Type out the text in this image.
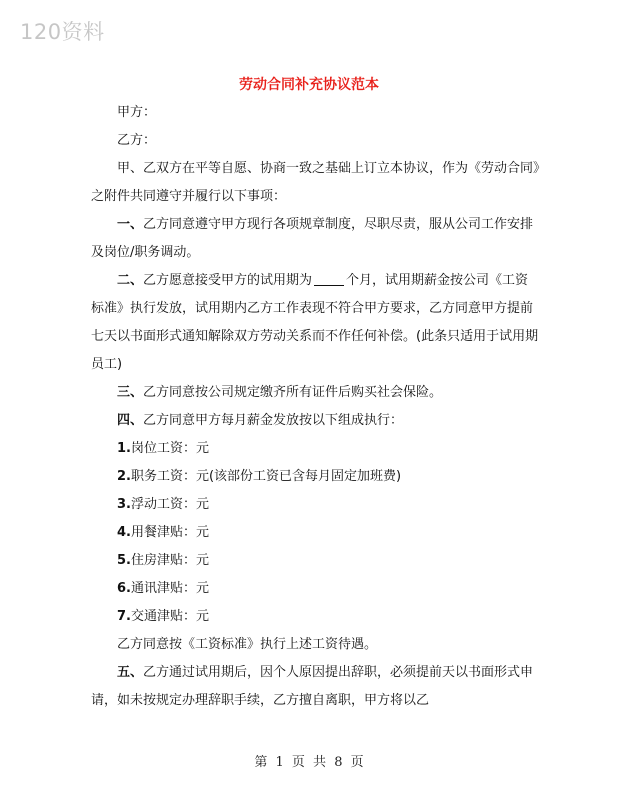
120资料
劳动合同补充协议范本

甲方：

乙方：

甲、乙双方在平等自愿、协商一致之基础上订立本协议，作为《劳动合同》之附件共同遵守并履行以下事项：

一、乙方同意遵守甲方现行各项规章制度，尽职尽责，服从公司工作安排及岗位/职务调动。

二、乙方愿意接受甲方的试用期为	个月，试用期薪金按公司《工资标准》执行发放，试用期内乙方工作表现不符合甲方要求，乙方同意甲方提前七天以书面形式通知解除双方劳动关系而不作任何补偿。(此条只适用于试用期员工)

三、乙方同意按公司规定缴齐所有证件后购买社会保险。

四、乙方同意甲方每月薪金发放按以下组成执行：

1.岗位工资：元

2.职务工资：元(该部份工资已含每月固定加班费)

3.浮动工资：元

4.用餐津贴：元

5.住房津贴：元

6.通讯津贴：元

7.交通津贴：元

乙方同意按《工资标准》执行上述工资待遇。

五、乙方通过试用期后，因个人原因提出辞职，必须提前天以书面形式申请，如未按规定办理辞职手续，乙方擅自离职，甲方将以乙

第 1 页 共 8 页
